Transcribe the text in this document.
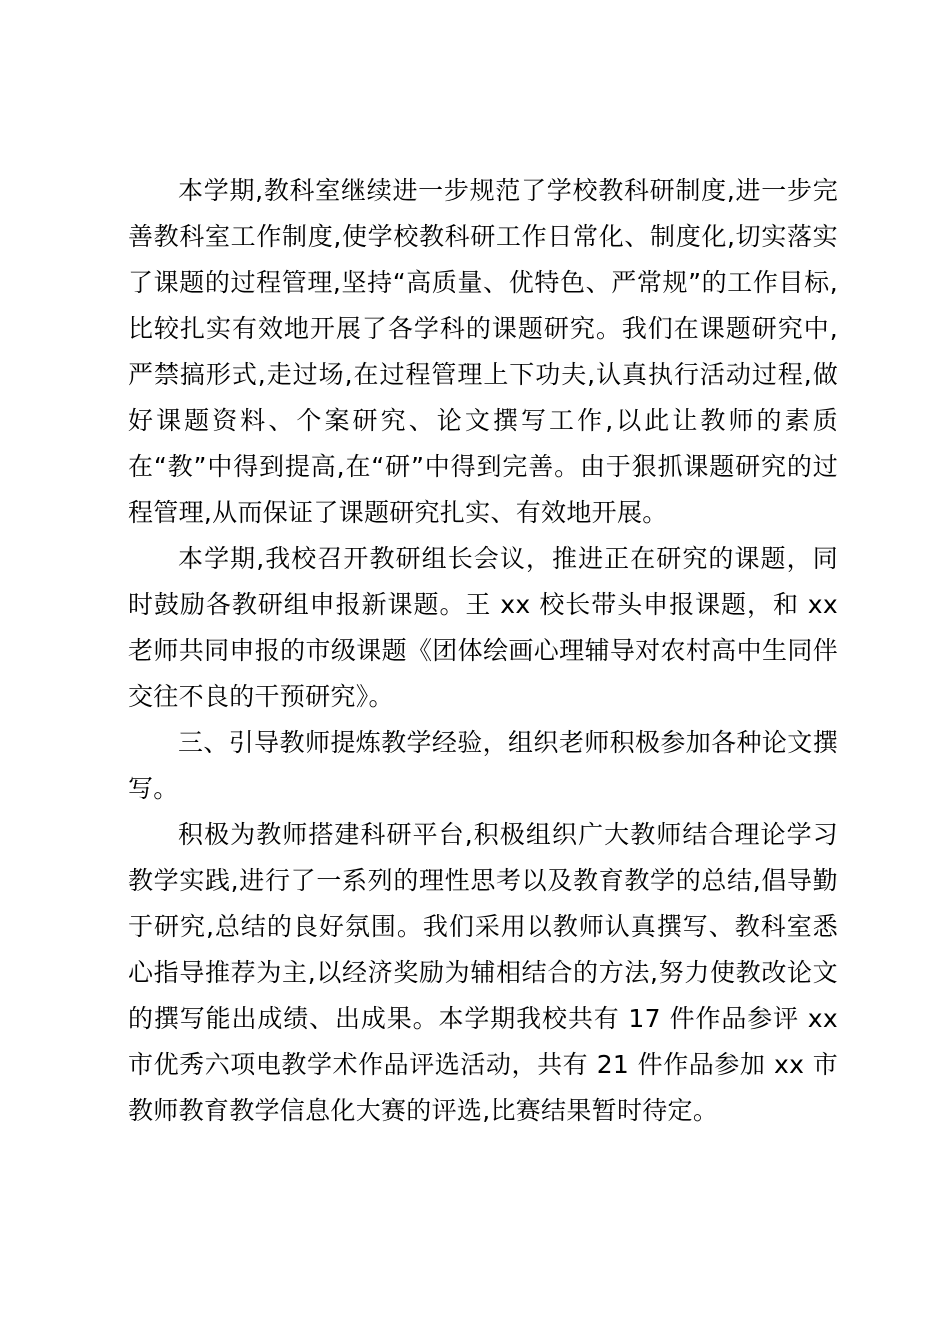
本学期,教科室继续进一步规范了学校教科研制度,进一步完善教科室工作制度,使学校教科研工作日常化、制度化,切实落实了课题的过程管理,坚持“高质量、优特色、严常规”的工作目标,比较扎实有效地开展了各学科的课题研究。我们在课题研究中,严禁搞形式,走过场,在过程管理上下功夫,认真执行活动过程,做好课题资料、个案研究、论文撰写工作,以此让教师的素质在“教”中得到提高,在“研”中得到完善。由于狠抓课题研究的过程管理,从而保证了课题研究扎实、有效地开展。

本学期,我校召开教研组长会议，推进正在研究的课题，同时鼓励各教研组申报新课题。王 xx 校长带头申报课题，和 xx 老师共同申报的市级课题《团体绘画心理辅导对农村高中生同伴交往不良的干预研究》。

三、引导教师提炼教学经验，组织老师积极参加各种论文撰写。

积极为教师搭建科研平台,积极组织广大教师结合理论学习教学实践,进行了一系列的理性思考以及教育教学的总结,倡导勤于研究,总结的良好氛围。我们采用以教师认真撰写、教科室悉心指导推荐为主,以经济奖励为辅相结合的方法,努力使教改论文的撰写能出成绩、出成果。本学期我校共有 17 件作品参评 xx 市优秀六项电教学术作品评选活动，共有 21 件作品参加 xx 市教师教育教学信息化大赛的评选,比赛结果暂时待定。
